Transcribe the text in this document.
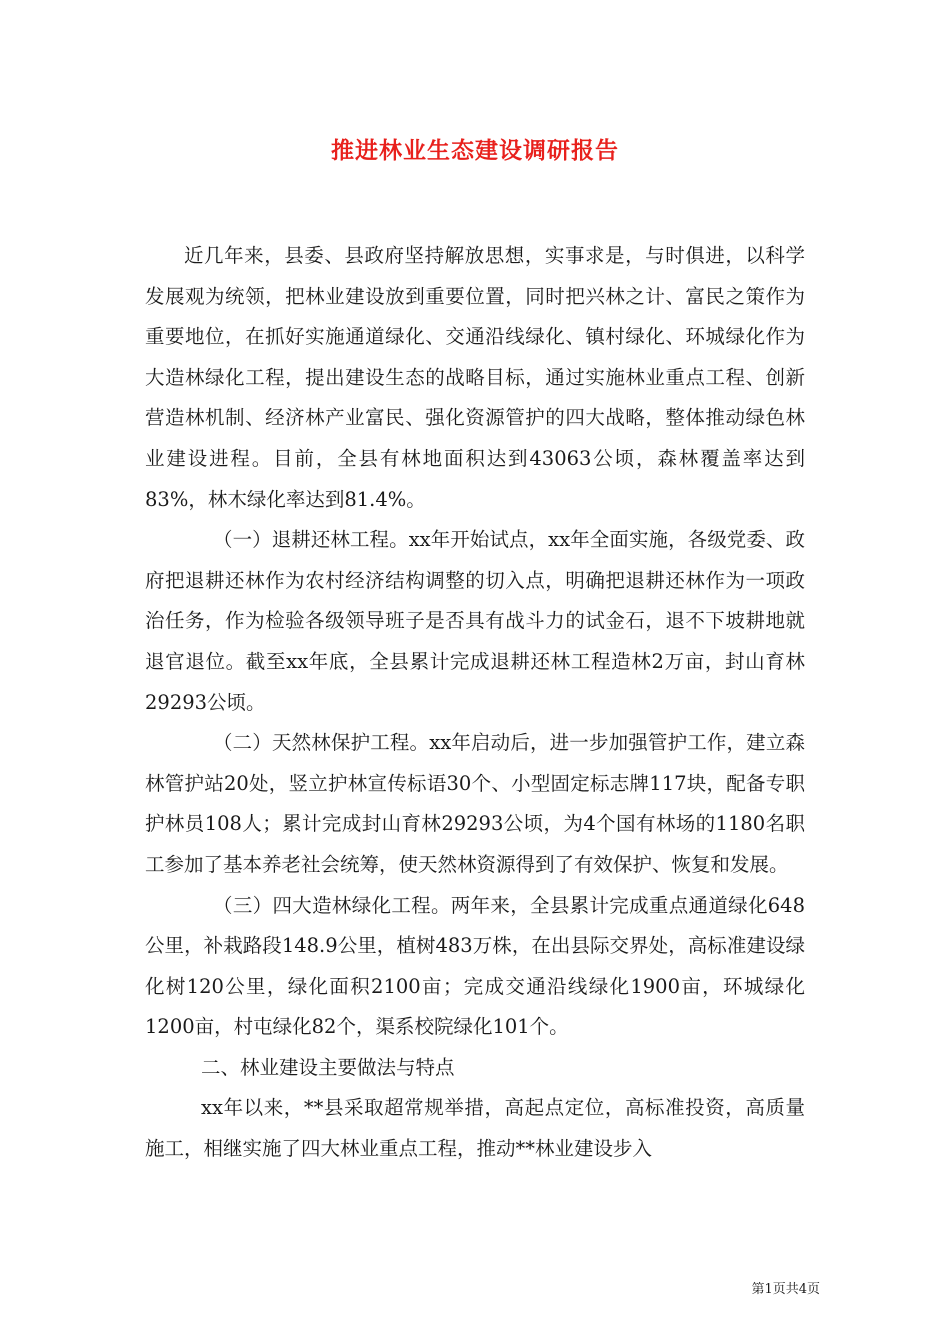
推进林业生态建设调研报告

近几年来，县委、县政府坚持解放思想，实事求是，与时俱进，以科学发展观为统领，把林业建设放到重要位置，同时把兴林之计、富民之策作为重要地位，在抓好实施通道绿化、交通沿线绿化、镇村绿化、环城绿化作为大造林绿化工程，提出建设生态的战略目标，通过实施林业重点工程、创新营造林机制、经济林产业富民、强化资源管护的四大战略，整体推动绿色林业建设进程。目前，全县有林地面积达到43063公顷，森林覆盖率达到83%，林木绿化率达到81.4%。

（一）退耕还林工程。xx年开始试点，xx年全面实施，各级党委、政府把退耕还林作为农村经济结构调整的切入点，明确把退耕还林作为一项政治任务，作为检验各级领导班子是否具有战斗力的试金石，退不下坡耕地就退官退位。截至xx年底，全县累计完成退耕还林工程造林2万亩，封山育林29293公顷。

（二）天然林保护工程。xx年启动后，进一步加强管护工作，建立森林管护站20处，竖立护林宣传标语30个、小型固定标志牌117块，配备专职护林员108人；累计完成封山育林29293公顷，为4个国有林场的1180名职工参加了基本养老社会统筹，使天然林资源得到了有效保护、恢复和发展。

（三）四大造林绿化工程。两年来，全县累计完成重点通道绿化648公里，补栽路段148.9公里，植树483万株，在出县际交界处，高标准建设绿化树120公里，绿化面积2100亩；完成交通沿线绿化1900亩，环城绿化1200亩，村屯绿化82个，渠系校院绿化101个。

二、林业建设主要做法与特点

xx年以来，**县采取超常规举措，高起点定位，高标准投资，高质量施工，相继实施了四大林业重点工程，推动**林业建设步入

第1页共4页
